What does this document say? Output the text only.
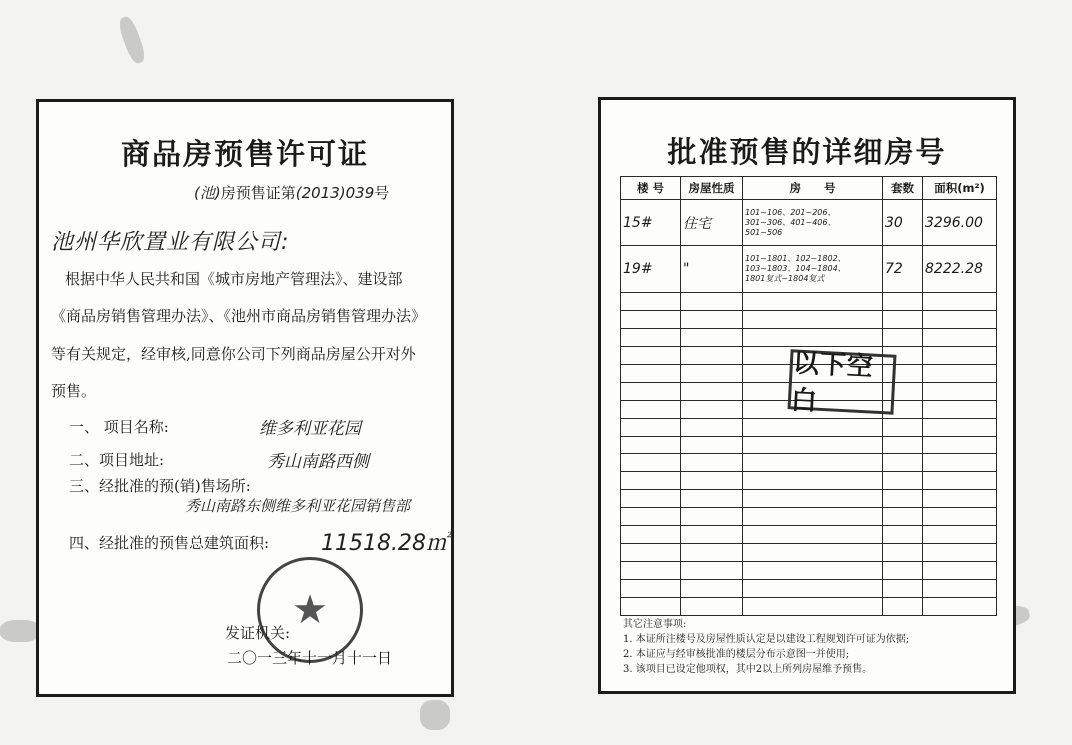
商品房预售许可证
(池)房预售证第(2013)039号
池州华欣置业有限公司:
根据中华人民共和国《城市房地产管理法》、建设部
《商品房销售管理办法》、《池州市商品房销售管理办法》
等有关规定，经审核,同意你公司下列商品房屋公开对外
预售。
一、 项目名称:	维多利亚花园
二、项目地址:	秀山南路西侧
三、经批准的预(销)售场所:
秀山南路东侧维多利亚花园销售部
四、经批准的预售总建筑面积: 11518.28㎡
★
发证机关:
二〇一三年十一月十一日
批准预售的详细房号
楼 号	房屋性质	房　　号	套数	面积(m²)
15#	住宅	101~106、201~206、
301~306、401~406、
501~506	30	3296.00
19#	"	101~1801、102~1802、
103~1803、104~1804、
1801复式~1804复式	72	8222.28

以下空白
其它注意事项:
1. 本证所注楼号及房屋性质认定是以建设工程规划许可证为依据;
2. 本证应与经审核批准的楼层分布示意图一并使用;
3. 该项目已设定他项权，其中2以上所列房屋维予预售。
